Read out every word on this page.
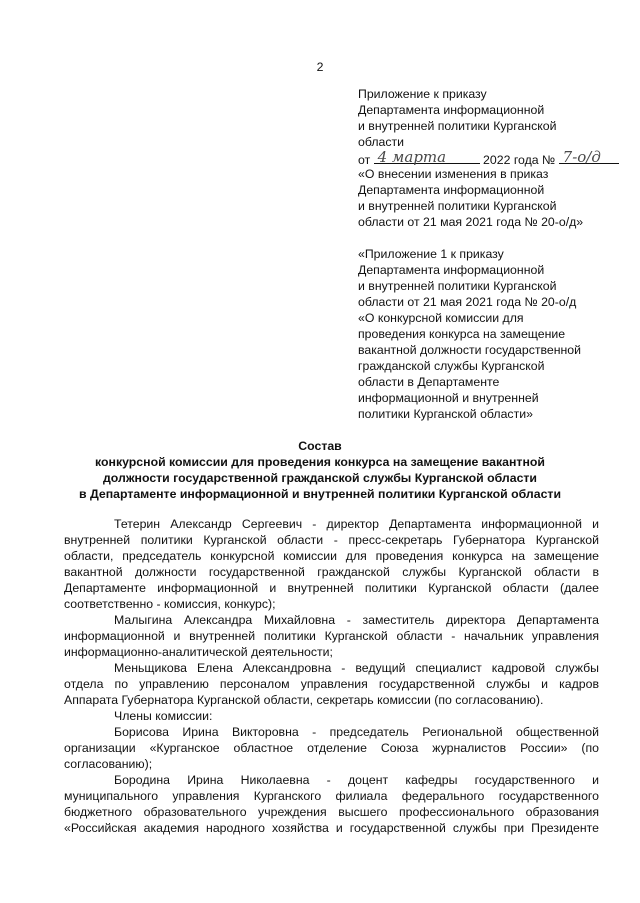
2
Приложение к приказу
Департамента информационной
и внутренней политики Курганской
области
от 4 марта	2022 года № 7-о/д
«О внесении изменения в приказ
Департамента информационной
и внутренней политики Курганской
области от 21 мая 2021 года № 20-о/д»
«Приложение 1 к приказу
Департамента информационной
и внутренней политики Курганской
области от 21 мая 2021 года № 20-о/д
«О конкурсной комиссии для
проведения конкурса на замещение
вакантной должности государственной
гражданской службы Курганской
области в Департаменте
информационной и внутренней
политики Курганской области»
Состав
конкурсной комиссии для проведения конкурса на замещение вакантной
должности государственной гражданской службы Курганской области
в Департаменте информационной и внутренней политики Курганской области
Тетерин Александр Сергеевич - директор Департамента информационной и
внутренней политики Курганской области - пресс-секретарь Губернатора Курганской
области, председатель конкурсной комиссии для проведения конкурса на замещение
вакантной должности государственной гражданской службы Курганской области в
Департаменте информационной и внутренней политики Курганской области (далее
соответственно - комиссия, конкурс);
Малыгина Александра Михайловна - заместитель директора Департамента
информационной и внутренней политики Курганской области - начальник управления
информационно-аналитической деятельности;
Меньщикова Елена Александровна - ведущий специалист кадровой службы
отдела по управлению персоналом управления государственной службы и кадров
Аппарата Губернатора Курганской области, секретарь комиссии (по согласованию).
Члены комиссии:
Борисова Ирина Викторовна - председатель Региональной общественной
организации «Курганское областное отделение Союза журналистов России» (по
согласованию);
Бородина Ирина Николаевна - доцент кафедры государственного и
муниципального управления Курганского филиала федерального государственного
бюджетного образовательного учреждения высшего профессионального образования
«Российская академия народного хозяйства и государственной службы при Президенте
